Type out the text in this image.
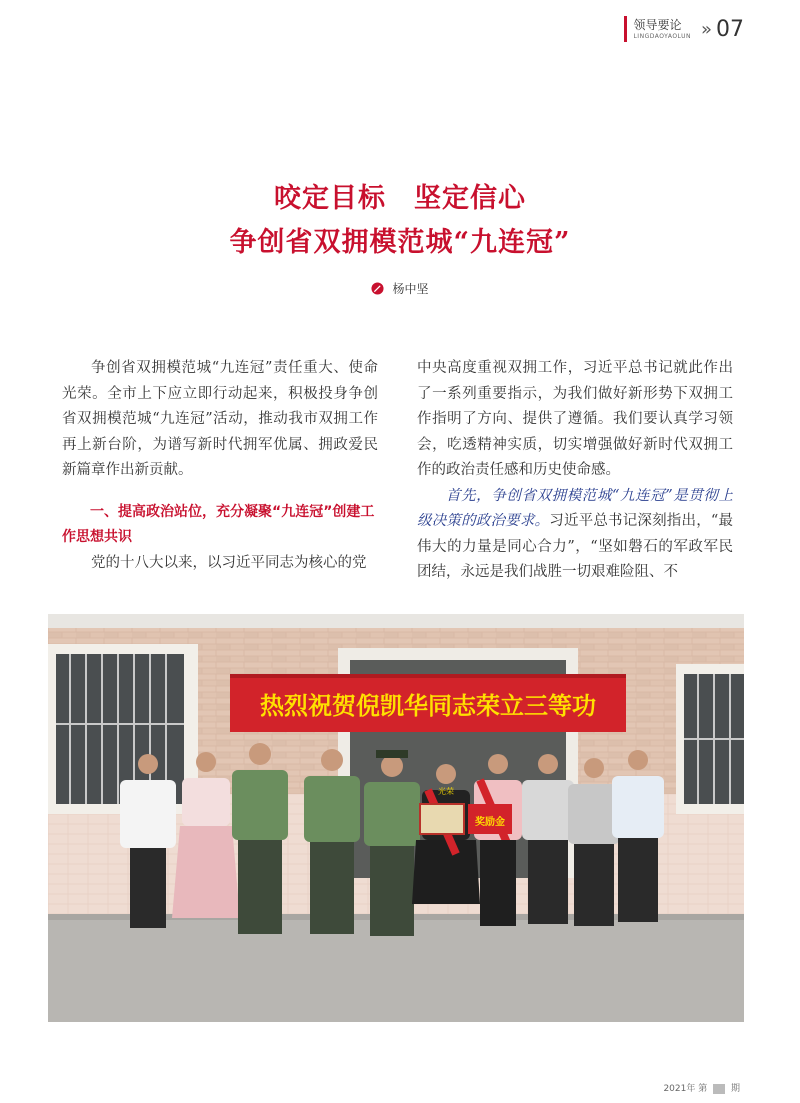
领导要论
LINGDAOYAOLUN » 07
咬定目标　坚定信心
争创省双拥模范城“九连冠”
杨中坚

争创省双拥模范城“九连冠”责任重大、使命光荣。全市上下应立即行动起来，积极投身争创省双拥模范城“九连冠”活动，推动我市双拥工作再上新台阶，为谱写新时代拥军优属、拥政爱民新篇章作出新贡献。

一、提高政治站位，充分凝聚“九连冠”创建工作思想共识

党的十八大以来，以习近平同志为核心的党

中央高度重视双拥工作，习近平总书记就此作出了一系列重要指示，为我们做好新形势下双拥工作指明了方向、提供了遵循。我们要认真学习领会，吃透精神实质，切实增强做好新时代双拥工作的政治责任感和历史使命感。

首先，争创省双拥模范城“九连冠”是贯彻上级决策的政治要求。习近平总书记深刻指出，“最伟大的力量是同心合力”，“坚如磐石的军政军民团结，永远是我们战胜一切艰难险阻、不

热烈祝贺倪凯华同志荣立三等功
奖励金
光荣
2021年 第	期
